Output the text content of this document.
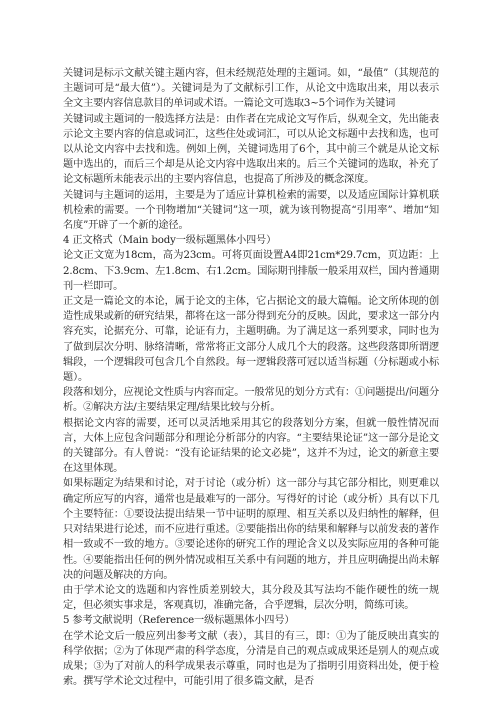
关键词是标示文献关键主题内容，但未经规范处理的主题词。如，“最值”（其规范的主题词可是“最大值”）。关键词是为了文献标引工作，从论文中选取出来，用以表示全文主要内容信息款目的单词或术语。一篇论文可选取3~5个词作为关键词

关键词或主题词的一般选择方法是：由作者在完成论文写作后，纵观全文，先出能表示论文主要内容的信息或词汇，这些住处或词汇，可以从论文标题中去找和选，也可以从论文内容中去找和选。例如上例，关键词选用了6个，其中前三个就是从论文标题中选出的，而后三个却是从论文内容中选取出来的。后三个关键词的选取，补充了论文标题所未能表示出的主要内容信息，也提高了所涉及的概念深度。

关键词与主题词的运用，主要是为了适应计算机检索的需要，以及适应国际计算机联机检索的需要。一个刊物增加“关键词”这一项，就为该刊物提高“引用率”、增加“知名度”开辟了一个新的途径。

4 正文格式（Main body一级标题黑体小四号）

论文正文宽为18cm，高为23cm。可将页面设置A4即21cm*29.7cm，页边距：上2.8cm、下3.9cm、左1.8cm、右1.2cm。国际期刊排版一般采用双栏，国内普通期刊一栏即可。

正文是一篇论文的本论，属于论文的主体，它占据论文的最大篇幅。论文所体现的创造性成果或新的研究结果，都将在这一部分得到充分的反映。因此，要求这一部分内容充实，论据充分、可靠，论证有力，主题明确。为了满足这一系列要求，同时也为了做到层次分明、脉络清晰，常常将正文部分人成几个大的段落。这些段落即所谓逻辑段，一个逻辑段可包含几个自然段。每一逻辑段落可冠以适当标题（分标题或小标题）。

段落和划分，应视论文性质与内容而定。一般常见的划分方式有：①问题提出/问题分析。②解决方法/主要结果定理/结果比较与分析。

根据论文内容的需要，还可以灵活地采用其它的段落划分方案，但就一般性情况而言，大体上应包含问题部分和理论分析部分的内容。“主要结果论证”这一部分是论文的关键部分。有人曾说：“没有论证结果的论文必毙”，这并不为过，论文的新意主要在这里体现。

如果标题定为结果和讨论，对于讨论（或分析）这一部分与其它部分相比，则更难以确定所应写的内容，通常也是最难写的一部分。写得好的讨论（或分析）具有以下几个主要特征：①要设法提出结果一节中证明的原理、相互关系以及归纳性的解释，但只对结果进行论述，而不应进行重述。②要能指出你的结果和解释与以前发表的著作相一致或不一致的地方。③要论述你的研究工作的理论含义以及实际应用的各种可能性。④要能指出任何的例外情况或相互关系中有问题的地方，并且应明确提出尚未解决的问题及解决的方向。

由于学术论文的选题和内容性质差别较大，其分段及其写法均不能作硬性的统一规定，但必须实事求是，客观真切，准确完备，合乎逻辑，层次分明，简练可读。

5 参考文献说明（Reference一级标题黑体小四号）

在学术论文后一般应列出参考文献（表），其目的有三，即：①为了能反映出真实的科学依据；②为了体现严肃的科学态度，分清是自己的观点或成果还是别人的观点或成果；③为了对前人的科学成果表示尊重，同时也是为了指明引用资料出处，便于检索。撰写学术论文过程中，可能引用了很多篇文献，是否
